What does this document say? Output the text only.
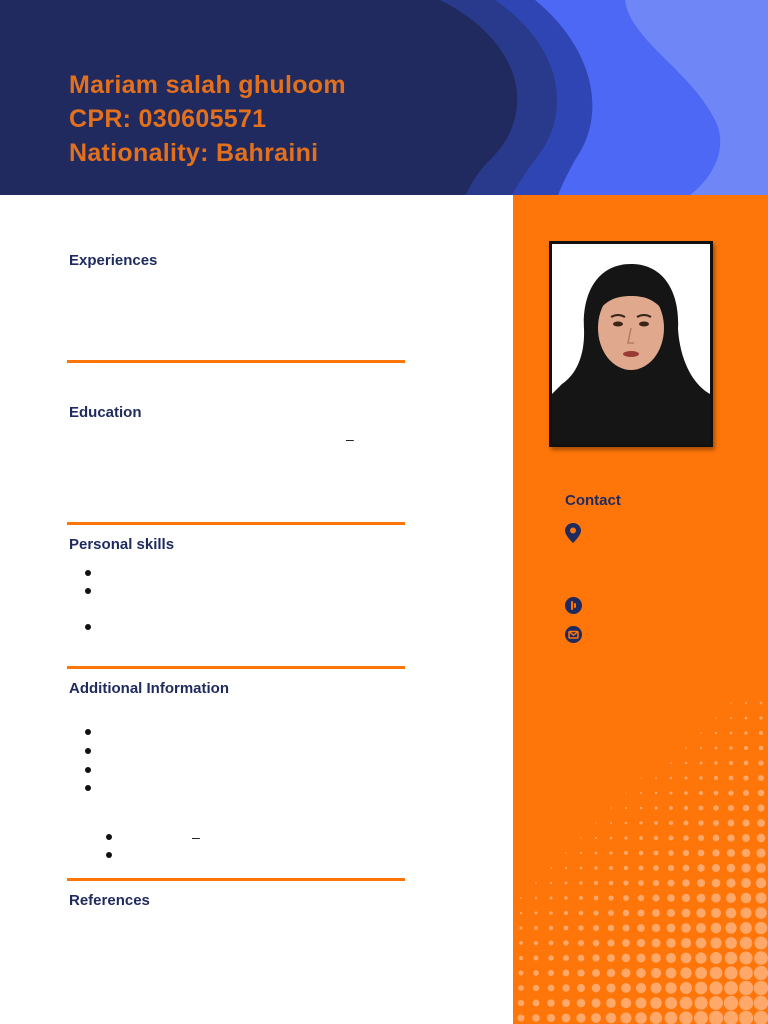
Mariam salah ghuloom
CPR: 030605571
Nationality: Bahraini
Contact
Experiences
Education
–
Personal skills
Additional Information
–
References
